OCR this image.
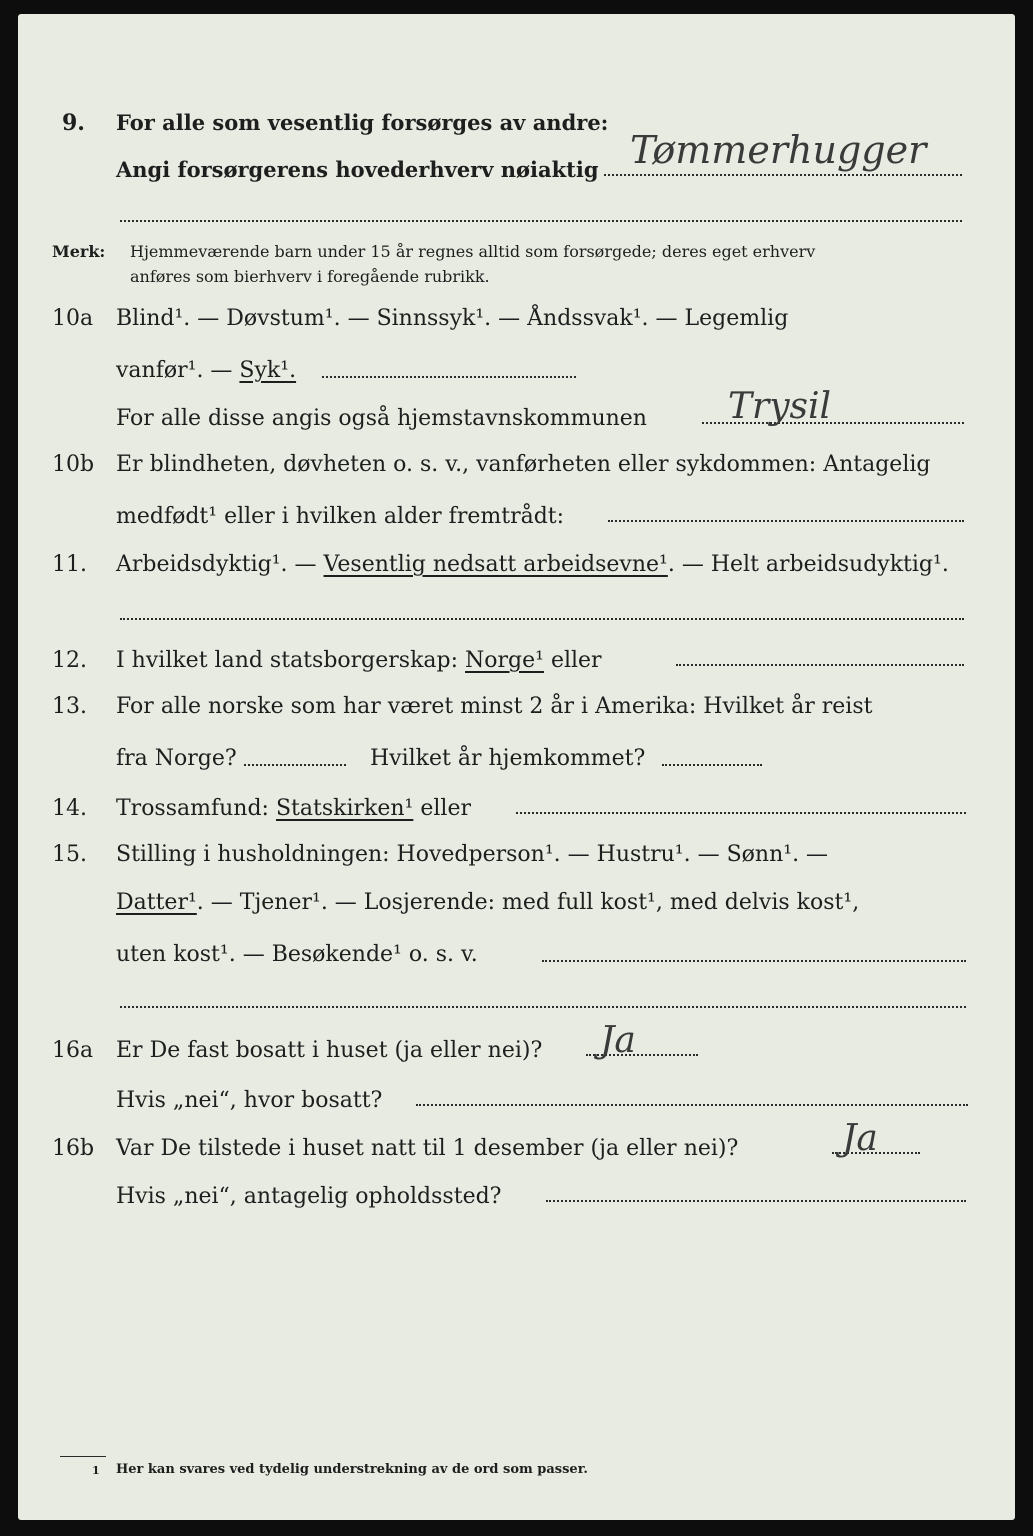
9. For alle som vesentlig forsørges av andre:
Angi forsørgerens hovederhverv nøiaktig Tømmerhugger
Merk: Hjemmeværende barn under 15 år regnes alltid som forsørgede; deres eget erhverv
anføres som bierhverv i foregående rubrikk.
10a Blind¹. — Døvstum¹. — Sinnssyk¹. — Åndssvak¹. — Legemlig
vanfør¹. — Syk¹.
For alle disse angis også hjemstavnskommunen Trysil
10b Er blindheten, døvheten o. s. v., vanførheten eller sykdommen: Antagelig
medfødt¹ eller i hvilken alder fremtrådt:
11. Arbeidsdyktig¹. — Vesentlig nedsatt arbeidsevne¹. — Helt arbeidsudyktig¹.
12. I hvilket land statsborgerskap: Norge¹ eller
13. For alle norske som har været minst 2 år i Amerika: Hvilket år reist
fra Norge?	Hvilket år hjemkommet?
14. Trossamfund: Statskirken¹ eller
15. Stilling i husholdningen: Hovedperson¹. — Hustru¹. — Sønn¹. —
Datter¹. — Tjener¹. — Losjerende: med full kost¹, med delvis kost¹,
uten kost¹. — Besøkende¹ o. s. v.
16a Er De fast bosatt i huset (ja eller nei)? Ja
Hvis „nei“, hvor bosatt?
16b Var De tilstede i huset natt til 1 desember (ja eller nei)?	Ja
Hvis „nei“, antagelig opholdssted?
1 Her kan svares ved tydelig understrekning av de ord som passer.
